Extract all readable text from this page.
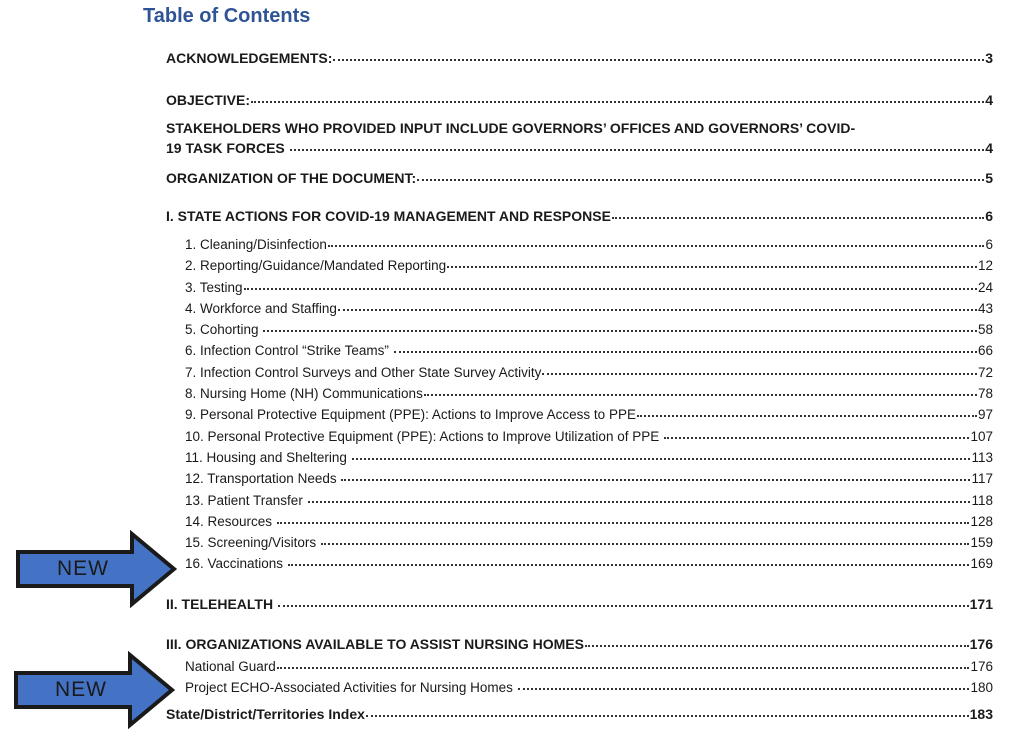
Table of Contents
ACKNOWLEDGEMENTS:	3
OBJECTIVE:	4
STAKEHOLDERS WHO PROVIDED INPUT INCLUDE GOVERNORS’ OFFICES AND GOVERNORS’ COVID-
19 TASK FORCES	4
ORGANIZATION OF THE DOCUMENT:	5
I. STATE ACTIONS FOR COVID-19 MANAGEMENT AND RESPONSE	6
1. Cleaning/Disinfection	6
2. Reporting/Guidance/Mandated Reporting	12
3. Testing	24
4. Workforce and Staffing	43
5. Cohorting	58
6. Infection Control “Strike Teams”	66
7. Infection Control Surveys and Other State Survey Activity	72
8. Nursing Home (NH) Communications	78
9. Personal Protective Equipment (PPE): Actions to Improve Access to PPE	97
10. Personal Protective Equipment (PPE): Actions to Improve Utilization of PPE	107
11. Housing and Sheltering	113
12. Transportation Needs	117
13. Patient Transfer	118
14. Resources	128
15. Screening/Visitors	159
16. Vaccinations	169
II. TELEHEALTH	171
III. ORGANIZATIONS AVAILABLE TO ASSIST NURSING HOMES	176
National Guard	176
Project ECHO-Associated Activities for Nursing Homes	180
State/District/Territories Index	183
NEW
NEW
